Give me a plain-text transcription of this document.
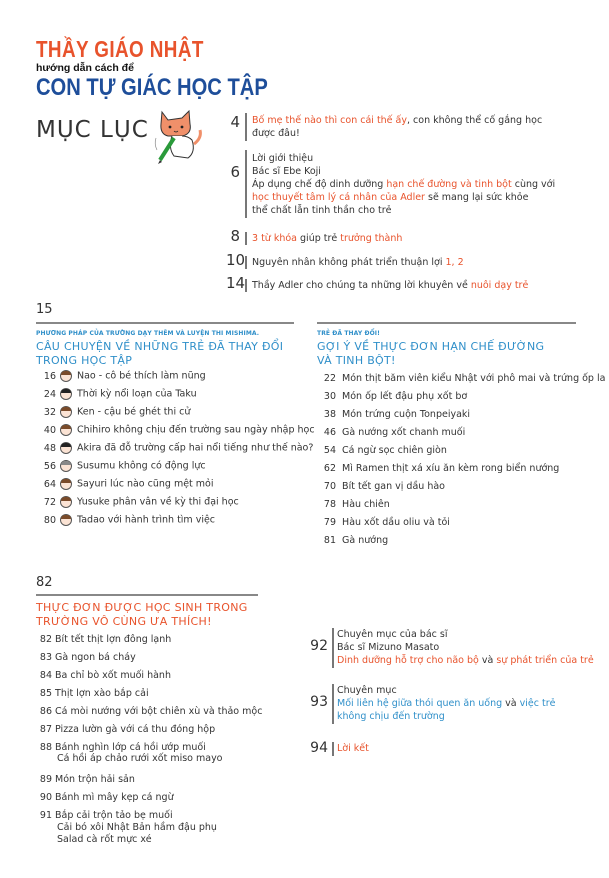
THẦY GIÁO NHẬT
hướng dẫn cách để
CON TỰ GIÁC HỌC TẬP
MỤC LỤC	4 Bố mẹ thế nào thì con cái thế ấy, con không thể cố gắng học
được đâu!
6
Lời giới thiệu
Bác sĩ Ebe Koji
Áp dụng chế độ dinh dưỡng hạn chế đường và tinh bột cùng với
học thuyết tâm lý cá nhân của Adler sẽ mang lại sức khỏe
thể chất lẫn tinh thần cho trẻ
8 3 từ khóa giúp trẻ trưởng thành
10 Nguyên nhân không phát triển thuận lợi 1, 2
14 Thầy Adler cho chúng ta những lời khuyên về nuôi dạy trẻ
15
PHƯƠNG PHÁP CỦA TRƯỜNG DẠY THÊM VÀ LUYỆN THI MISHIMA.
CÂU CHUYỆN VỀ NHỮNG TRẺ ĐÃ THAY ĐỔI
TRONG HỌC TẬP
16 Nao - cô bé thích làm nũng
24 Thời kỳ nổi loạn của Taku
32 Ken - cậu bé ghét thi cử
40 Chihiro không chịu đến trường sau ngày nhập học
48 Akira đã đỗ trường cấp hai nổi tiếng như thế nào?
56 Susumu không có động lực
64 Sayuri lúc nào cũng mệt mỏi
72 Yusuke phân vân về kỳ thi đại học
80 Tadao với hành trình tìm việc
TRẺ ĐÃ THAY ĐỔI!
GỢI Ý VỀ THỰC ĐƠN HẠN CHẾ ĐƯỜNG
VÀ TINH BỘT!
22 Món thịt băm viên kiểu Nhật với phô mai và trứng ốp la
30 Món ốp lết đậu phụ xốt bơ
38 Món trứng cuộn Tonpeiyaki
46 Gà nướng xốt chanh muối
54 Cá ngừ sọc chiên giòn
62 Mì Ramen thịt xá xíu ăn kèm rong biển nướng
70 Bít tết gan vị dầu hào
78 Hàu chiên
79 Hàu xốt dầu oliu và tỏi
81 Gà nướng
82
THỰC ĐƠN ĐƯỢC HỌC SINH TRONG
TRƯỜNG VÔ CÙNG ƯA THÍCH!
82 Bít tết thịt lợn đông lạnh
83 Gà ngon bá cháy
84 Ba chỉ bò xốt muối hành
85 Thịt lợn xào bắp cải
86 Cá mòi nướng với bột chiên xù và thảo mộc
87 Pizza lườn gà với cá thu đóng hộp
88 Bánh nghìn lớp cá hồi ướp muối
Cá hồi áp chảo rưới xốt miso mayo
89 Món trộn hải sản
90 Bánh mì mây kẹp cá ngừ
91 Bắp cải trộn tảo bẹ muối
Cải bó xôi Nhật Bản hầm đậu phụ
Salad cà rốt mực xé
92
Chuyên mục của bác sĩ
Bác sĩ Mizuno Masato
Dinh dưỡng hỗ trợ cho não bộ và sự phát triển của trẻ
93
Chuyên mục
Mối liên hệ giữa thói quen ăn uống và việc trẻ
không chịu đến trường
94 Lời kết
